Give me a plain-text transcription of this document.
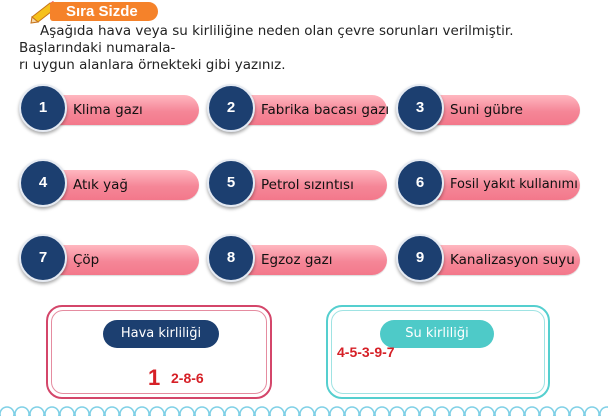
Sıra Sizde

Aşağıda hava veya su kirliliğine neden olan çevre sorunları verilmiştir. Başlarındaki numarala-

rı uygun alanlara örnekteki gibi yazınız.

1	Klima gazı	2	Fabrika bacası gazı	3	Suni gübre
4	Atık yağ	5	Petrol sızıntısı	6	Fosil yakıt kullanımı
7	Çöp	8	Egzoz gazı	9	Kanalizasyon suyu
Hava kirliliği	Su kirliliği
1 2-8-6
4-5-3-9-7
